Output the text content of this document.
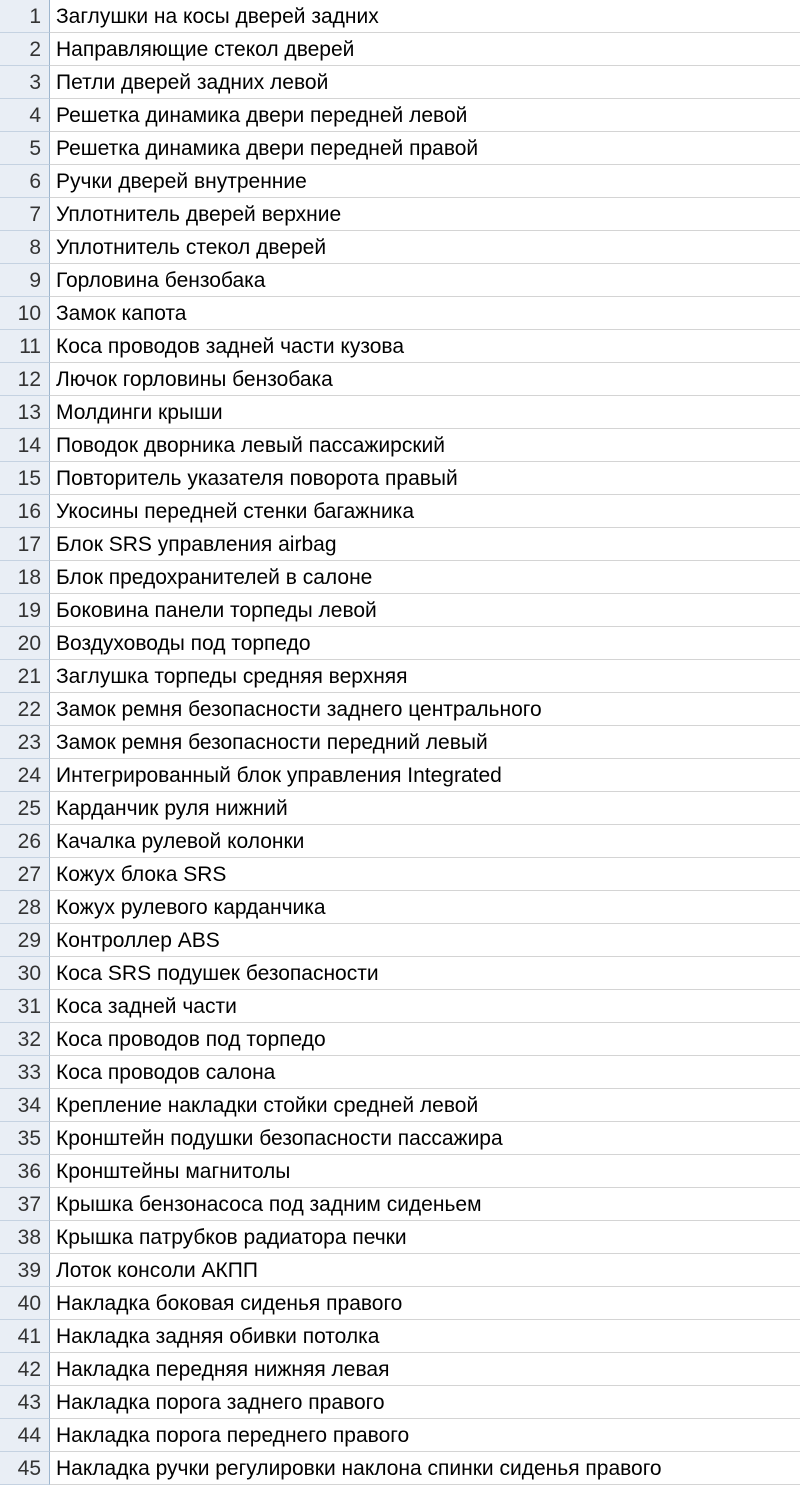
1 Заглушки на косы дверей задних
2 Направляющие стекол дверей
3 Петли дверей задних левой
4 Решетка динамика двери передней левой
5 Решетка динамика двери передней правой
6 Ручки дверей внутренние
7 Уплотнитель дверей верхние
8 Уплотнитель стекол дверей
9 Горловина бензобака
10 Замок капота
11 Коса проводов задней части кузова
12 Лючок горловины бензобака
13 Молдинги крыши
14 Поводок дворника левый пассажирский
15 Повторитель указателя поворота правый
16 Укосины передней стенки багажника
17 Блок SRS управления airbag
18 Блок предохранителей в салоне
19 Боковина панели торпеды левой
20 Воздуховоды под торпедо
21 Заглушка торпеды средняя верхняя
22 Замок ремня безопасности заднего центрального
23 Замок ремня безопасности передний левый
24 Интегрированный блок управления Integrated
25 Карданчик руля нижний
26 Качалка рулевой колонки
27 Кожух блока SRS
28 Кожух рулевого карданчика
29 Контроллер ABS
30 Коса SRS подушек безопасности
31 Коса задней части
32 Коса проводов под торпедо
33 Коса проводов салона
34 Крепление накладки стойки средней левой
35 Кронштейн подушки безопасности пассажира
36 Кронштейны магнитолы
37 Крышка бензонасоса под задним сиденьем
38 Крышка патрубков радиатора печки
39 Лоток консоли АКПП
40 Накладка боковая сиденья правого
41 Накладка задняя обивки потолка
42 Накладка передняя нижняя левая
43 Накладка порога заднего правого
44 Накладка порога переднего правого
45 Накладка ручки регулировки наклона спинки сиденья правого
